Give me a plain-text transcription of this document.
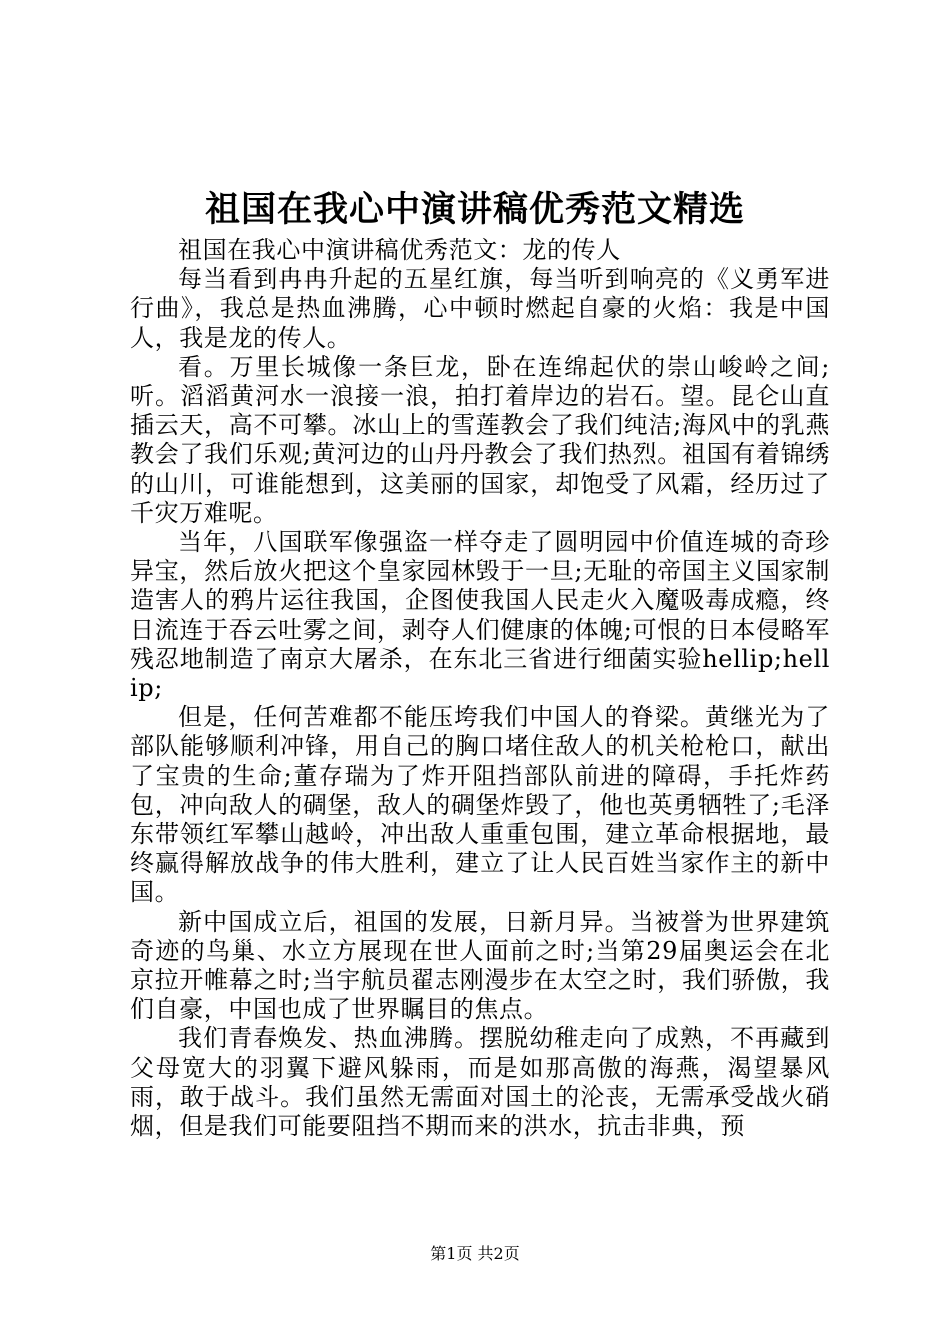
祖国在我心中演讲稿优秀范文精选

祖国在我心中演讲稿优秀范文：龙的传人

每当看到冉冉升起的五星红旗，每当听到响亮的《义勇军进行曲》，我总是热血沸腾，心中顿时燃起自豪的火焰：我是中国人，我是龙的传人。

看。万里长城像一条巨龙，卧在连绵起伏的崇山峻岭之间;听。滔滔黄河水一浪接一浪，拍打着岸边的岩石。望。昆仑山直插云天，高不可攀。冰山上的雪莲教会了我们纯洁;海风中的乳燕教会了我们乐观;黄河边的山丹丹教会了我们热烈。祖国有着锦绣的山川，可谁能想到，这美丽的国家，却饱受了风霜，经历过了千灾万难呢。

当年，八国联军像强盗一样夺走了圆明园中价值连城的奇珍异宝，然后放火把这个皇家园林毁于一旦;无耻的帝国主义国家制造害人的鸦片运往我国，企图使我国人民走火入魔吸毒成瘾，终日流连于吞云吐雾之间，剥夺人们健康的体魄;可恨的日本侵略军残忍地制造了南京大屠杀，在东北三省进行细菌实验hellip;hellip;

但是，任何苦难都不能压垮我们中国人的脊梁。黄继光为了部队能够顺利冲锋，用自己的胸口堵住敌人的机关枪枪口，献出了宝贵的生命;董存瑞为了炸开阻挡部队前进的障碍，手托炸药包，冲向敌人的碉堡，敌人的碉堡炸毁了，他也英勇牺牲了;毛泽东带领红军攀山越岭，冲出敌人重重包围，建立革命根据地，最终赢得解放战争的伟大胜利，建立了让人民百姓当家作主的新中国。

新中国成立后，祖国的发展，日新月异。当被誉为世界建筑奇迹的鸟巢、水立方展现在世人面前之时;当第29届奥运会在北京拉开帷幕之时;当宇航员翟志刚漫步在太空之时，我们骄傲，我们自豪，中国也成了世界瞩目的焦点。

我们青春焕发、热血沸腾。摆脱幼稚走向了成熟，不再藏到父母宽大的羽翼下避风躲雨，而是如那高傲的海燕，渴望暴风雨，敢于战斗。我们虽然无需面对国土的沦丧，无需承受战火硝烟，但是我们可能要阻挡不期而来的洪水，抗击非典，预

第1页 共2页
